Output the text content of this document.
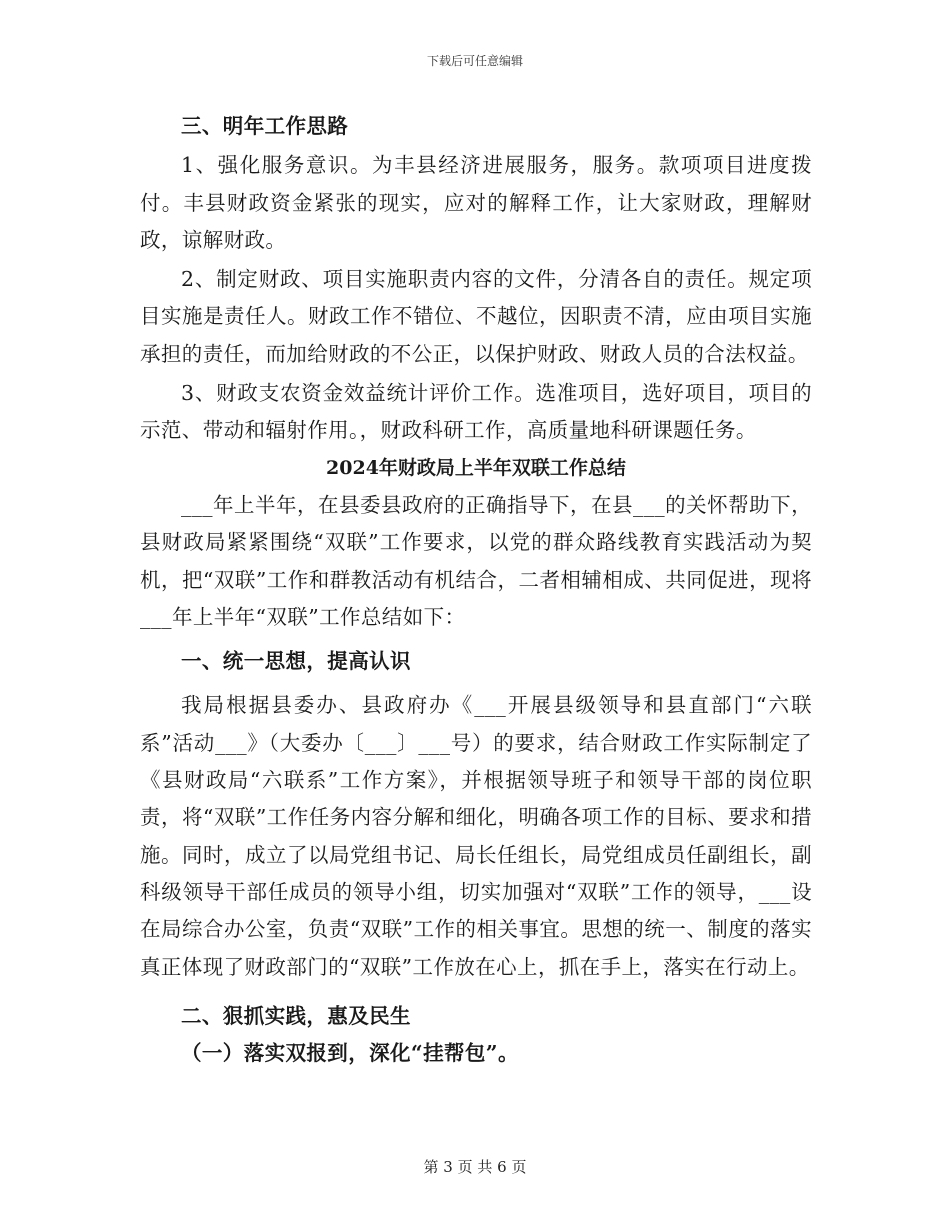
下载后可任意编辑
三、明年工作思路
1、强化服务意识。为丰县经济进展服务，服务。款项项目进度拨付。丰县财政资金紧张的现实，应对的解释工作，让大家财政，理解财政，谅解财政。
2、制定财政、项目实施职责内容的文件，分清各自的责任。规定项目实施是责任人。财政工作不错位、不越位，因职责不清，应由项目实施承担的责任，而加给财政的不公正，以保护财政、财政人员的合法权益。
3、财政支农资金效益统计评价工作。选准项目，选好项目，项目的示范、带动和辐射作用。，财政科研工作，高质量地科研课题任务。
2024年财政局上半年双联工作总结
___年上半年，在县委县政府的正确指导下，在县___的关怀帮助下，县财政局紧紧围绕“双联”工作要求，以党的群众路线教育实践活动为契机，把“双联”工作和群教活动有机结合，二者相辅相成、共同促进，现将___年上半年“双联”工作总结如下：
一、统一思想，提高认识
我局根据县委办、县政府办《___开展县级领导和县直部门“六联系”活动___》（大委办〔___〕___号）的要求，结合财政工作实际制定了《县财政局“六联系”工作方案》，并根据领导班子和领导干部的岗位职责，将“双联”工作任务内容分解和细化，明确各项工作的目标、要求和措施。同时，成立了以局党组书记、局长任组长，局党组成员任副组长，副科级领导干部任成员的领导小组，切实加强对“双联”工作的领导，___设在局综合办公室，负责“双联”工作的相关事宜。思想的统一、制度的落实真正体现了财政部门的“双联”工作放在心上，抓在手上，落实在行动上。
二、狠抓实践，惠及民生
（一）落实双报到，深化“挂帮包”。
第 3 页 共 6 页
